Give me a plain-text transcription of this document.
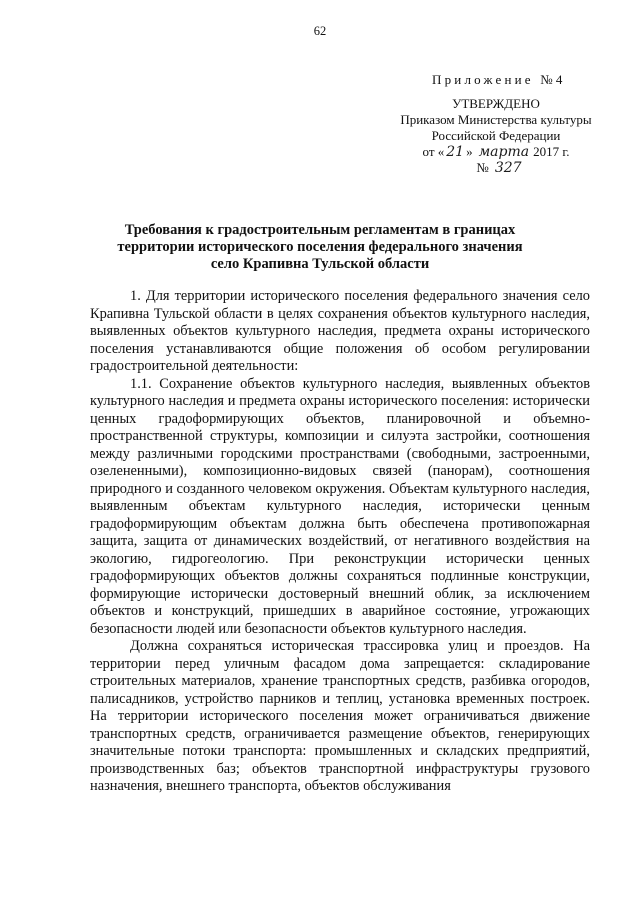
62
Приложение №4
УТВЕРЖДЕНО
Приказом Министерства культуры
Российской Федерации
от « 21 » марта 2017 г.
№ 327
Требования к градостроительным регламентам в границах
территории исторического поселения федерального значения
село Крапивна Тульской области

1. Для территории исторического поселения федерального значения село Крапивна Тульской области в целях сохранения объектов культурного наследия, выявленных объектов культурного наследия, предмета охраны исторического поселения устанавливаются общие положения об особом регулировании градостроительной деятельности:

1.1. Сохранение объектов культурного наследия, выявленных объектов культурного наследия и предмета охраны исторического поселения: исторически ценных градоформирующих объектов, планировочной и объемно-пространственной структуры, композиции и силуэта застройки, соотношения между различными городскими пространствами (свободными, застроенными, озелененными), композиционно-видовых связей (панорам), соотношения природного и созданного человеком окружения. Объектам культурного наследия, выявленным объектам культурного наследия, исторически ценным градоформирующим объектам должна быть обеспечена противопожарная защита, защита от динамических воздействий, от негативного воздействия на экологию, гидрогеологию. При реконструкции исторически ценных градоформирующих объектов должны сохраняться подлинные конструкции, формирующие исторически достоверный внешний облик, за исключением объектов и конструкций, пришедших в аварийное состояние, угрожающих безопасности людей или безопасности объектов культурного наследия.

Должна сохраняться историческая трассировка улиц и проездов. На территории перед уличным фасадом дома запрещается: складирование строительных материалов, хранение транспортных средств, разбивка огородов, палисадников, устройство парников и теплиц, установка временных построек. На территории исторического поселения может ограничиваться движение транспортных средств, ограничивается размещение объектов, генерирующих значительные потоки транспорта: промышленных и складских предприятий, производственных баз; объектов транспортной инфраструктуры грузового назначения, внешнего транспорта, объектов обслуживания
